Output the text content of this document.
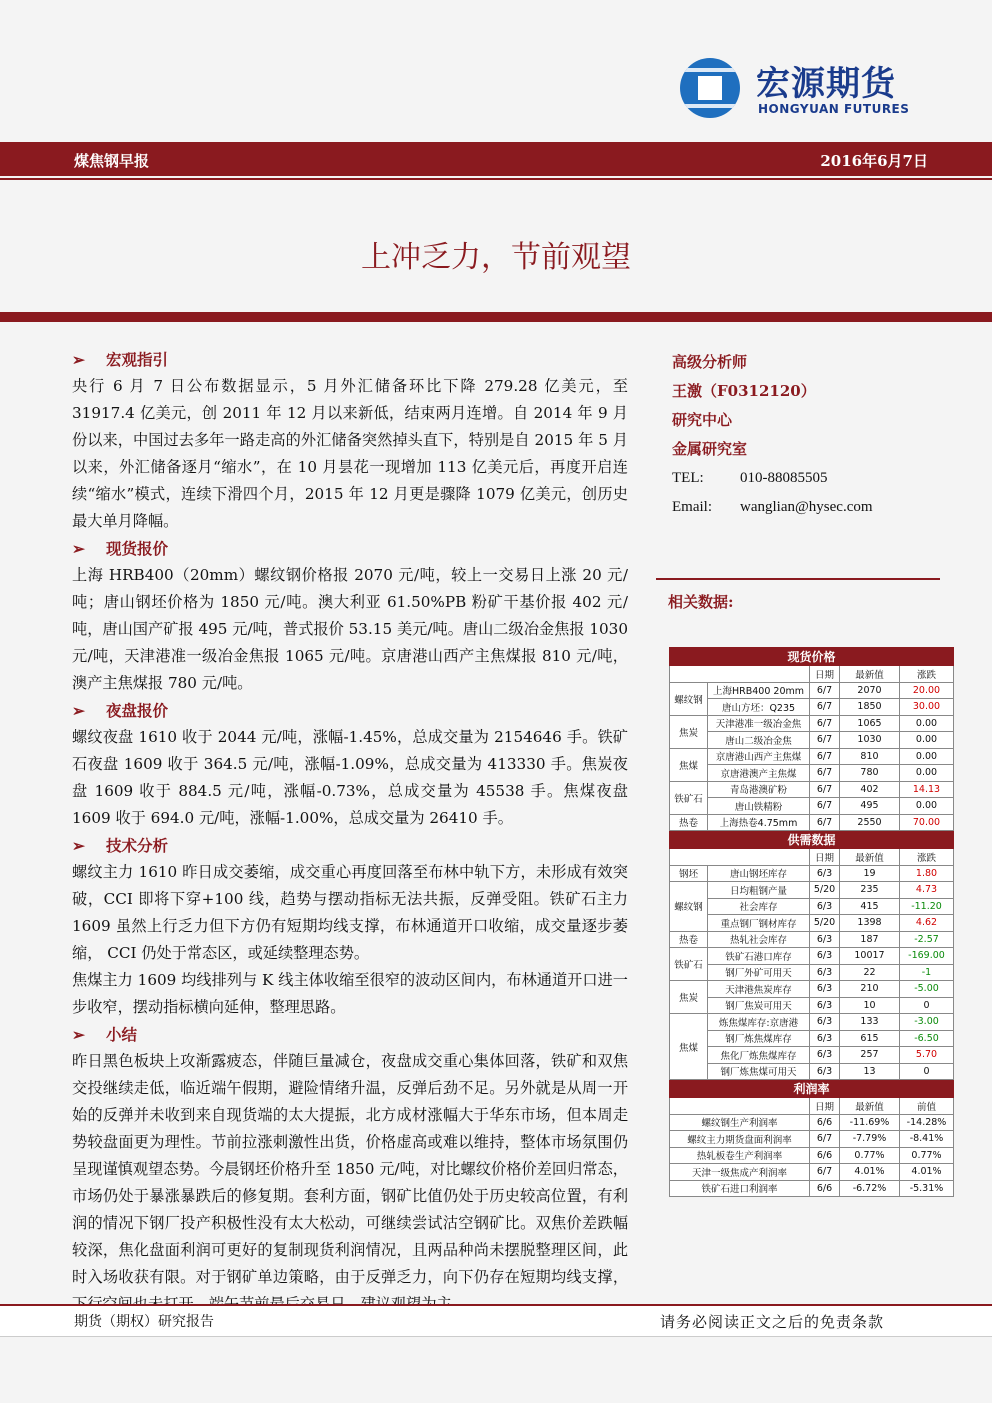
宏源期货
HONGYUAN FUTURES
煤焦钢早报	2016年6月7日
上冲乏力，节前观望
➢ 宏观指引

央行 6 月 7 日公布数据显示，5 月外汇储备环比下降 279.28 亿美元，至 31917.4 亿美元，创 2011 年 12 月以来新低，结束两月连增。自 2014 年 9 月份以来，中国过去多年一路走高的外汇储备突然掉头直下，特别是自 2015 年 5 月以来，外汇储备逐月“缩水”，在 10 月昙花一现增加 113 亿美元后，再度开启连续“缩水”模式，连续下滑四个月，2015 年 12 月更是骤降 1079 亿美元，创历史最大单月降幅。

➢ 现货报价

上海 HRB400（20mm）螺纹钢价格报 2070 元/吨，较上一交易日上涨 20 元/吨；唐山钢坯价格为 1850 元/吨。澳大利亚 61.50%PB 粉矿干基价报 402 元/吨，唐山国产矿报 495 元/吨，普式报价 53.15 美元/吨。唐山二级冶金焦报 1030 元/吨，天津港准一级冶金焦报 1065 元/吨。京唐港山西产主焦煤报 810 元/吨，澳产主焦煤报 780 元/吨。

➢ 夜盘报价

螺纹夜盘 1610 收于 2044 元/吨，涨幅-1.45%，总成交量为 2154646 手。铁矿石夜盘 1609 收于 364.5 元/吨，涨幅-1.09%，总成交量为 413330 手。焦炭夜盘 1609 收于 884.5 元/吨，涨幅-0.73%，总成交量为 45538 手。焦煤夜盘 1609 收于 694.0 元/吨，涨幅-1.00%，总成交量为 26410 手。

➢ 技术分析

螺纹主力 1610 昨日成交萎缩，成交重心再度回落至布林中轨下方，未形成有效突破，CCI 即将下穿+100 线，趋势与摆动指标无法共振，反弹受阻。铁矿石主力 1609 虽然上行乏力但下方仍有短期均线支撑，布林通道开口收缩，成交量逐步萎缩， CCI 仍处于常态区，或延续整理态势。

焦煤主力 1609 均线排列与 K 线主体收缩至很窄的波动区间内，布林通道开口进一步收窄，摆动指标横向延伸，整理思路。

➢ 小结

昨日黑色板块上攻渐露疲态，伴随巨量减仓，夜盘成交重心集体回落，铁矿和双焦交投继续走低，临近端午假期，避险情绪升温，反弹后劲不足。另外就是从周一开始的反弹并未收到来自现货端的太大提振，北方成材涨幅大于华东市场，但本周走势较盘面更为理性。节前拉涨刺激性出货，价格虚高或难以维持，整体市场氛围仍呈现谨慎观望态势。今晨钢坯价格升至 1850 元/吨，对比螺纹价格价差回归常态，市场仍处于暴涨暴跌后的修复期。套利方面，钢矿比值仍处于历史较高位置，有利润的情况下钢厂投产积极性没有太大松动，可继续尝试沽空钢矿比。双焦价差跌幅较深，焦化盘面利润可更好的复制现货利润情况，且两品种尚未摆脱整理区间，此时入场收获有限。对于钢矿单边策略，由于反弹乏力，向下仍存在短期均线支撑，

高级分析师
王激（F0312120）
研究中心
金属研究室
TEL: 010-88085505
Email: wanglian@hysec.com
相关数据:
现货价格				
		日期	最新值	涨跌
螺纹钢	上海HRB400 20mm	6/7	2070	20.00
	唐山方坯：Q235	6/7	1850	30.00
焦炭	天津港准一级冶金焦	6/7	1065	0.00
	唐山二级冶金焦	6/7	1030	0.00
焦煤	京唐港山西产主焦煤	6/7	810	0.00
	京唐港澳产主焦煤	6/7	780	0.00
铁矿石	青岛港澳矿粉	6/7	402	14.13
	唐山铁精粉	6/7	495	0.00
热卷	上海热卷4.75mm	6/7	2550	70.00
供需数据				
		日期	最新值	涨跌
钢坯	唐山钢坯库存	6/3	19	1.80
螺纹钢	日均粗钢产量	5/20	235	4.73
	社会库存	6/3	415	-11.20
	重点钢厂钢材库存	5/20	1398	4.62
热卷	热轧社会库存	6/3	187	-2.57
铁矿石	铁矿石港口库存	6/3	10017	-169.00
	钢厂外矿可用天	6/3	22	-1
焦炭	天津港焦炭库存	6/3	210	-5.00
	钢厂焦炭可用天	6/3	10	0
焦煤	炼焦煤库存:京唐港	6/3	133	-3.00
	钢厂炼焦煤库存	6/3	615	-6.50
	焦化厂炼焦煤库存	6/3	257	5.70
	钢厂炼焦煤可用天	6/3	13	0
利润率				
		日期	最新值	前值
螺纹钢生产利润率		6/6	-11.69%	-14.28%
螺纹主力期货盘面利润率		6/7	-7.79%	-8.41%
热轧板卷生产利润率		6/6	0.77%	0.77%
天津一级焦成产利润率		6/7	4.01%	4.01%
铁矿石进口利润率		6/6	-6.72%	-5.31%
期货（期权）研究报告	请务必阅读正文之后的免责条款
